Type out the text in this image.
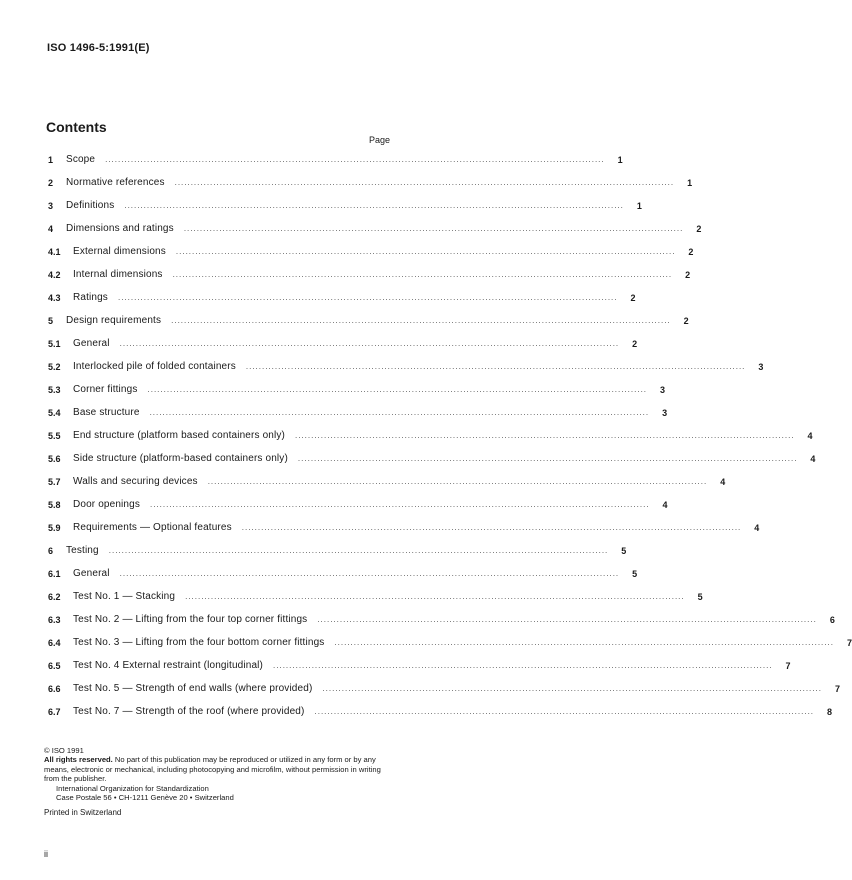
ISO 1496-5:1991(E)
Contents
Page
1	Scope ...........................................................................................................................................................	1
2	Normative references ...........................................................................................................................................................	1
3	Definitions ...........................................................................................................................................................	1
4	Dimensions and ratings ...........................................................................................................................................................	2
4.1	External dimensions ...........................................................................................................................................................	2
4.2	Internal dimensions ...........................................................................................................................................................	2
4.3	Ratings ...........................................................................................................................................................	2
5	Design requirements ...........................................................................................................................................................	2
5.1	General ...........................................................................................................................................................	2
5.2	Interlocked pile of folded containers ...........................................................................................................................................................	3
5.3	Corner fittings ...........................................................................................................................................................	3
5.4	Base structure ...........................................................................................................................................................	3
5.5	End structure (platform based containers only) ...........................................................................................................................................................	4
5.6	Side structure (platform-based containers only) ...........................................................................................................................................................	4
5.7	Walls and securing devices ...........................................................................................................................................................	4
5.8	Door openings ...........................................................................................................................................................	4
5.9	Requirements — Optional features ...........................................................................................................................................................	4
6	Testing ...........................................................................................................................................................	5
6.1	General ...........................................................................................................................................................	5
6.2	Test No. 1 — Stacking ...........................................................................................................................................................	5
6.3	Test No. 2 — Lifting from the four top corner fittings ...........................................................................................................................................................	6
6.4	Test No. 3 — Lifting from the four bottom corner fittings ...........................................................................................................................................................	7
6.5	Test No. 4 External restraint (longitudinal) ...........................................................................................................................................................	7
6.6	Test No. 5 — Strength of end walls (where provided) ...........................................................................................................................................................	7
6.7	Test No. 7 — Strength of the roof (where provided) ...........................................................................................................................................................	8
© ISO 1991
All rights reserved. No part of this publication may be reproduced or utilized in any form or by any means, electronic or mechanical, including photocopying and microfilm, without permission in writing from the publisher.
International Organization for Standardization
Case Postale 56 • CH-1211 Genève 20 • Switzerland
Printed in Switzerland
ii
